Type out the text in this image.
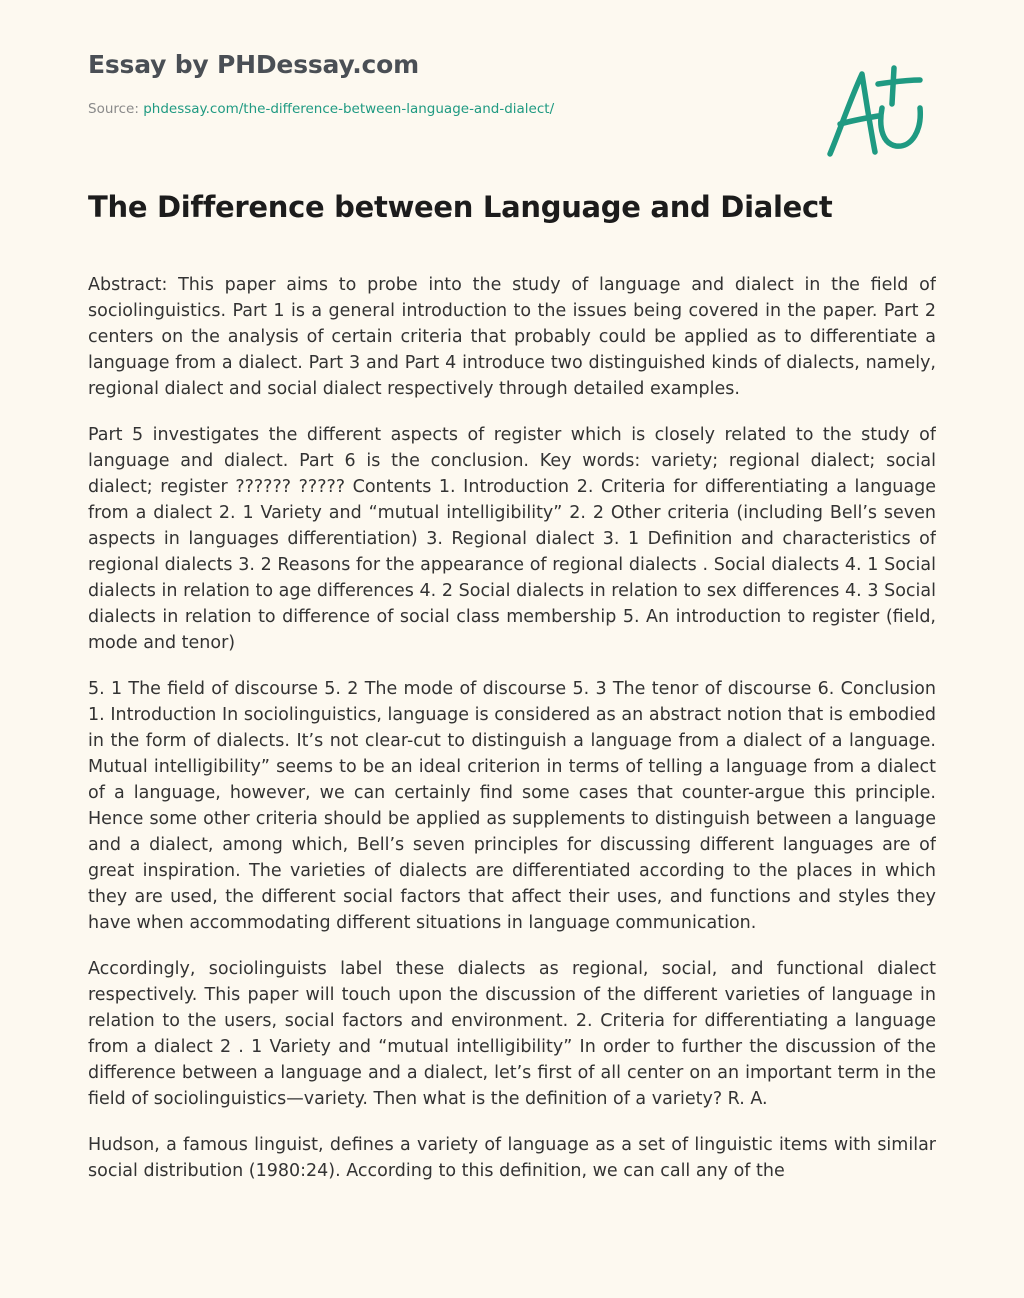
Essay by PHDessay.com
Source: phdessay.com/the-difference-between-language-and-dialect/
The Difference between Language and Dialect

Abstract: This paper aims to probe into the study of language and dialect in the field of sociolinguistics. Part 1 is a general introduction to the issues being covered in the paper. Part 2 centers on the analysis of certain criteria that probably could be applied as to differentiate a language from a dialect. Part 3 and Part 4 introduce two distinguished kinds of dialects, namely, regional dialect and social dialect respectively through detailed examples.

Part 5 investigates the different aspects of register which is closely related to the study of language and dialect. Part 6 is the conclusion. Key words: variety; regional dialect; social dialect; register ?????? ????? Contents 1. Introduction 2. Criteria for differentiating a language from a dialect 2. 1 Variety and “mutual intelligibility” 2. 2 Other criteria (including Bell’s seven aspects in languages differentiation) 3. Regional dialect 3. 1 Definition and characteristics of regional dialects 3. 2 Reasons for the appearance of regional dialects . Social dialects 4. 1 Social dialects in relation to age differences 4. 2 Social dialects in relation to sex differences 4. 3 Social dialects in relation to difference of social class membership 5. An introduction to register (field, mode and tenor)

5. 1 The field of discourse 5. 2 The mode of discourse 5. 3 The tenor of discourse 6. Conclusion 1. Introduction In sociolinguistics, language is considered as an abstract notion that is embodied in the form of dialects. It’s not clear-cut to distinguish a language from a dialect of a language. Mutual intelligibility” seems to be an ideal criterion in terms of telling a language from a dialect of a language, however, we can certainly find some cases that counter-argue this principle. Hence some other criteria should be applied as supplements to distinguish between a language and a dialect, among which, Bell’s seven principles for discussing different languages are of great inspiration. The varieties of dialects are differentiated according to the places in which they are used, the different social factors that affect their uses, and functions and styles they have when accommodating different situations in language communication.

Accordingly, sociolinguists label these dialects as regional, social, and functional dialect respectively. This paper will touch upon the discussion of the different varieties of language in relation to the users, social factors and environment. 2. Criteria for differentiating a language from a dialect 2 . 1 Variety and “mutual intelligibility” In order to further the discussion of the difference between a language and a dialect, let’s first of all center on an important term in the field of sociolinguistics—variety. Then what is the definition of a variety? R. A.

Hudson, a famous linguist, defines a variety of language as a set of linguistic items with similar social distribution (1980:24). According to this definition, we can call any of the
